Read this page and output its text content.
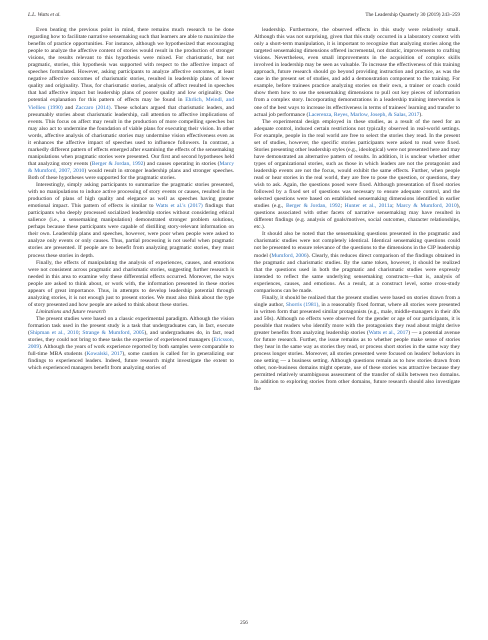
L.L. Watts et al.	The Leadership Quarterly 30 (2019) 243–259

Even beating the previous point in mind, there remains much research to be done regarding how to facilitate narrative sensemaking such that learners are able to maximize the benefits of practice opportunities. For instance, although we hypothesized that encouraging people to analyze the affective content of stories would result in the production of stronger visions, the results relevant to this hypothesis were mixed. For charismatic, but not pragmatic, stories, this hypothesis was supported with respect to the affective impact of speeches formulated. However, asking participants to analyze affective outcomes, at least negative affective outcomes of charismatic stories, resulted in leadership plans of lower quality and originality. Thus, for charismatic stories, analysis of affect resulted in speeches that had affective impact but leadership plans of poorer quality and low originality. One potential explanation for this pattern of effects may be found in Ehrlich, Meindl, and Viellieu (1990) and Zaccaro (2014). These scholars argued that charismatic leaders, and presumably stories about charismatic leadership, call attention to affective implications of events. This focus on affect may result in the production of more compelling speeches but may also act to undermine the foundation of viable plans for executing their vision. In other words, affective analysis of charismatic stories may undermine vision effectiveness even as it enhances the affective impact of speeches used to influence followers. In contrast, a markedly different pattern of effects emerged after examining the effects of the sensemaking manipulations when pragmatic stories were presented. Our first and second hypotheses held that analyzing story events (Berger & Jordan, 1992) and causes operating in stories (Marcy & Mumford, 2007, 2010) would result in stronger leadership plans and stronger speeches. Both of these hypotheses were supported for the pragmatic stories.

Interestingly, simply asking participants to summarize the pragmatic stories presented, with no manipulations to induce active processing of story events or causes, resulted in the production of plans of high quality and elegance as well as speeches having greater emotional impact. This pattern of effects is similar to Watts et al.'s (2017) findings that participants who deeply processed socialized leadership stories without considering ethical salience (i.e., a sensemaking manipulation) demonstrated stronger problem solutions, perhaps because these participants were capable of distilling story-relevant information on their own. Leadership plans and speeches, however, were poor when people were asked to analyze only events or only causes. Thus, partial processing is not useful when pragmatic stories are presented. If people are to benefit from analyzing pragmatic stories, they must process these stories in depth.

Finally, the effects of manipulating the analysis of experiences, causes, and emotions were not consistent across pragmatic and charismatic stories, suggesting further research is needed in this area to examine why these differential effects occurred. Moreover, the ways people are asked to think about, or work with, the information presented in these stories appears of great importance. Thus, in attempts to develop leadership potential through analyzing stories, it is not enough just to present stories. We must also think about the type of story presented and how people are asked to think about these stories.

Limitations and future research

The present studies were based on a classic experimental paradigm. Although the vision formation task used in the present study is a task that undergraduates can, in fact, execute (Shipman et al., 2010; Strange & Mumford, 2005), and undergraduates do, in fact, read stories, they could not bring to these tasks the expertise of experienced managers (Ericsson, 2009). Although the years of work experience reported by both samples were comparable to full-time MBA students (Kowalski, 2017), some caution is called for in generalizing our findings to experienced leaders. Indeed, future research might investigate the extent to which experienced managers benefit from analyzing stories of

leadership. Furthermore, the observed effects in this study were relatively small. Although this was not surprising, given that this study occurred in a laboratory context with only a short-term manipulation, it is important to recognize that analyzing stories along the targeted sensemaking dimensions offered incremental, not drastic, improvements to crafting visions. Nevertheless, even small improvements in the acquisition of complex skills involved in leadership may be seen as valuable. To increase the effectiveness of this training approach, future research should go beyond providing instruction and practice, as was the case in the present set of studies, and add a demonstration component to the training. For example, before trainees practice analyzing stories on their own, a trainer or coach could show them how to use the sensemaking dimensions to pull out key pieces of information from a complex story. Incorporating demonstrations in a leadership training intervention is one of the best ways to increase its effectiveness in terms of trainees' learning and transfer to actual job performance (Lacerenza, Reyes, Marlow, Joseph, & Salas, 2017).

The experimental design employed in these studies, as a result of the need for an adequate control, induced certain restrictions not typically observed in real-world settings. For example, people in the real world are free to select the stories they read. In the present set of studies, however, the specific stories participants were asked to read were fixed. Stories presenting other leadership styles (e.g., ideological) were not presented here and may have demonstrated an alternative pattern of results. In addition, it is unclear whether other types of organizational stories, such as those in which leaders are not the protagonist and leadership events are not the focus, would exhibit the same effects. Further, when people read or hear stories in the real world, they are free to pose the question, or questions, they wish to ask. Again, the questions posed were fixed. Although presentation of fixed stories followed by a fixed set of questions was necessary to ensure adequate control, and the selected questions were based on established sensemaking dimensions identified in earlier studies (e.g., Berger & Jordan, 1992; Hunter et al., 2011a; Marcy & Mumford, 2010), questions associated with other facets of narrative sensemaking may have resulted in different findings (e.g. analysis of goals/motives, social outcomes, character relationships, etc.).

It should also be noted that the sensemaking questions presented in the pragmatic and charismatic studies were not completely identical. Identical sensemaking questions could not be presented to ensure relevance of the questions to the dimensions in the CIP leadership model (Mumford, 2006). Clearly, this reduces direct comparison of the findings obtained in the pragmatic and charismatic studies. By the same token, however, it should be realized that the questions used in both the pragmatic and charismatic studies were expressly intended to reflect the same underlying sensemaking constructs—that is, analysis of experiences, causes, and emotions. As a result, at a construct level, some cross-study comparisons can be made.

Finally, it should be realized that the present studies were based on stories drawn from a single author, Shorris (1981), in a reasonably fixed format, where all stories were presented in written form that presented similar protagonists (e.g., male, middle-managers in their 40s and 50s). Although no effects were observed for the gender or age of our participants, it is possible that readers who identify more with the protagonists they read about might derive greater benefits from analyzing leadership stories (Watts et al., 2017) — a potential avenue for future research. Further, the issue remains as to whether people make sense of stories they hear in the same way as stories they read, or process short stories in the same way they process longer stories. Moreover, all stories presented were focused on leaders' behaviors in one setting — a business setting. Although questions remain as to how stories drawn from other, non-business domains might operate, use of these stories was attractive because they permitted relatively unambiguous assessment of the transfer of skills between two domains. In addition to exploring stories from other domains, future research should also investigate the

256
